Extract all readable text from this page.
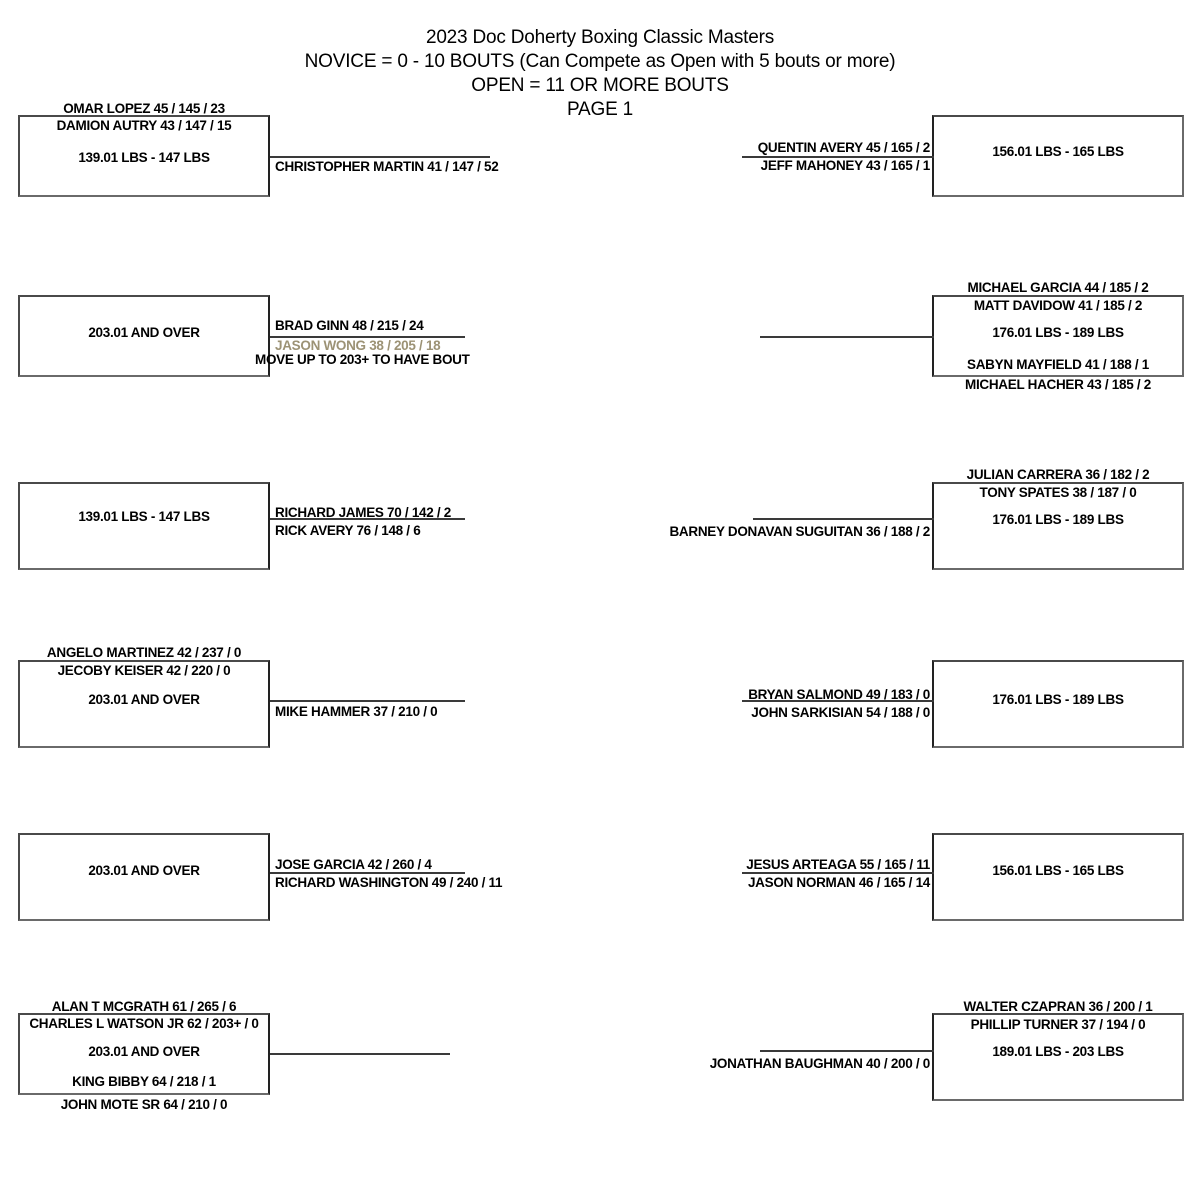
2023 Doc Doherty Boxing Classic Masters
NOVICE = 0 - 10 BOUTS (Can Compete as Open with 5 bouts or more)
OPEN = 11 OR MORE BOUTS
PAGE 1
OMAR LOPEZ 45 / 145 / 23
DAMION AUTRY 43 / 147 / 15
139.01 LBS - 147 LBS
CHRISTOPHER MARTIN 41 / 147 / 52
203.01 AND OVER	BRAD GINN 48 / 215 / 24
JASON WONG 38 / 205 / 18
MOVE UP TO 203+ TO HAVE BOUT
139.01 LBS - 147 LBS	RICHARD JAMES 70 / 142 / 2
RICK AVERY 76 / 148 / 6
ANGELO MARTINEZ 42 / 237 / 0
JECOBY KEISER 42 / 220 / 0
203.01 AND OVER
MIKE HAMMER 37 / 210 / 0
203.01 AND OVER	JOSE GARCIA 42 / 260 / 4
RICHARD WASHINGTON 49 / 240 / 11
ALAN T MCGRATH 61 / 265 / 6
CHARLES L WATSON JR 62 / 203+ / 0
203.01 AND OVER
KING BIBBY 64 / 218 / 1
JOHN MOTE SR 64 / 210 / 0
156.01 LBS - 165 LBS
QUENTIN AVERY 45 / 165 / 2
JEFF MAHONEY 43 / 165 / 1
MICHAEL GARCIA 44 / 185 / 2
MATT DAVIDOW 41 / 185 / 2
176.01 LBS - 189 LBS
SABYN MAYFIELD 41 / 188 / 1
MICHAEL HACHER 43 / 185 / 2
JULIAN CARRERA 36 / 182 / 2
TONY SPATES 38 / 187 / 0
176.01 LBS - 189 LBS
BARNEY DONAVAN SUGUITAN 36 / 188 / 2
176.01 LBS - 189 LBS
BRYAN SALMOND 49 / 183 / 0
JOHN SARKISIAN 54 / 188 / 0
156.01 LBS - 165 LBS
JESUS ARTEAGA 55 / 165 / 11
JASON NORMAN 46 / 165 / 14
WALTER CZAPRAN 36 / 200 / 1
PHILLIP TURNER 37 / 194 / 0
189.01 LBS - 203 LBS
JONATHAN BAUGHMAN 40 / 200 / 0
